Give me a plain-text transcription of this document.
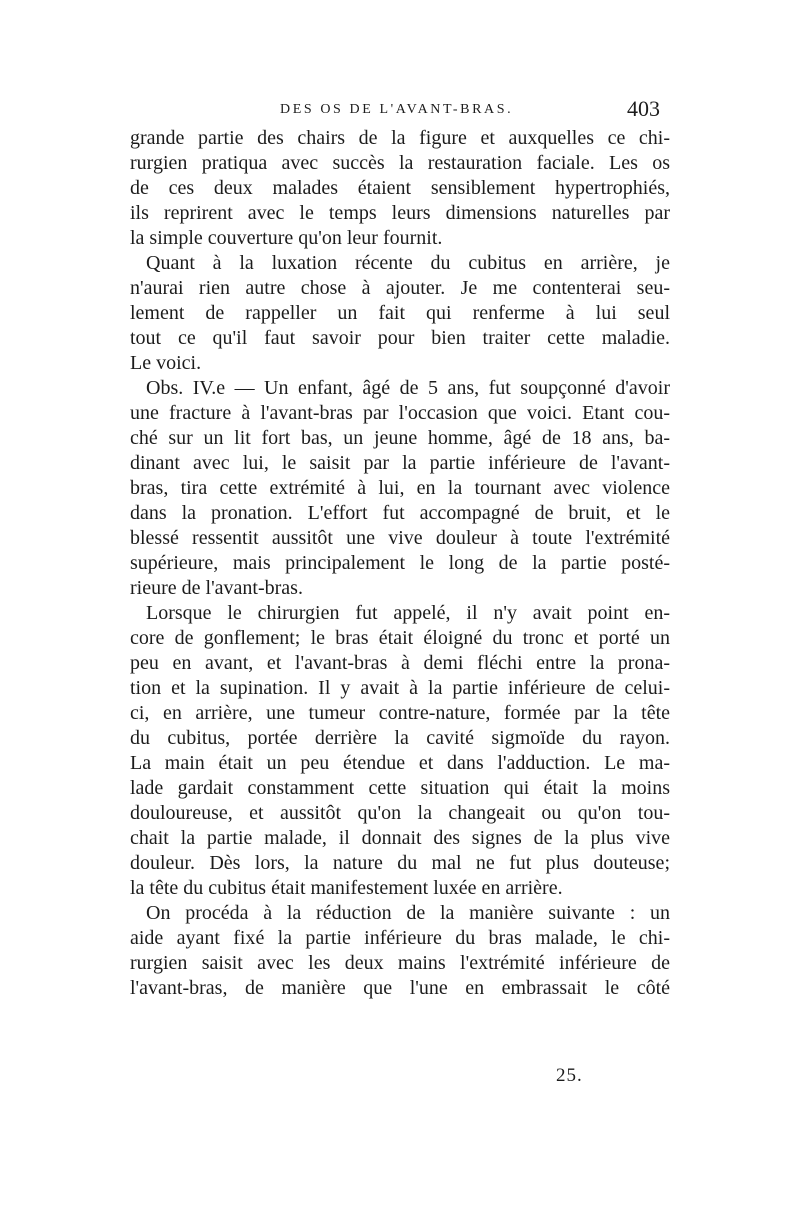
DES OS DE L'AVANT-BRAS.	403
grande partie des chairs de la figure et auxquelles ce chi-
rurgien pratiqua avec succès la restauration faciale. Les os
de ces deux malades étaient sensiblement hypertrophiés,
ils reprirent avec le temps leurs dimensions naturelles par
la simple couverture qu'on leur fournit.
Quant à la luxation récente du cubitus en arrière, je
n'aurai rien autre chose à ajouter. Je me contenterai seu-
lement de rappeller un fait qui renferme à lui seul
tout ce qu'il faut savoir pour bien traiter cette maladie.
Le voici.
Obs. IV.e — Un enfant, âgé de 5 ans, fut soupçonné d'avoir
une fracture à l'avant-bras par l'occasion que voici. Etant cou-
ché sur un lit fort bas, un jeune homme, âgé de 18 ans, ba-
dinant avec lui, le saisit par la partie inférieure de l'avant-
bras, tira cette extrémité à lui, en la tournant avec violence
dans la pronation. L'effort fut accompagné de bruit, et le
blessé ressentit aussitôt une vive douleur à toute l'extrémité
supérieure, mais principalement le long de la partie posté-
rieure de l'avant-bras.
Lorsque le chirurgien fut appelé, il n'y avait point en-
core de gonflement; le bras était éloigné du tronc et porté un
peu en avant, et l'avant-bras à demi fléchi entre la prona-
tion et la supination. Il y avait à la partie inférieure de celui-
ci, en arrière, une tumeur contre-nature, formée par la tête
du cubitus, portée derrière la cavité sigmoïde du rayon.
La main était un peu étendue et dans l'adduction. Le ma-
lade gardait constamment cette situation qui était la moins
douloureuse, et aussitôt qu'on la changeait ou qu'on tou-
chait la partie malade, il donnait des signes de la plus vive
douleur. Dès lors, la nature du mal ne fut plus douteuse;
la tête du cubitus était manifestement luxée en arrière.
On procéda à la réduction de la manière suivante : un
aide ayant fixé la partie inférieure du bras malade, le chi-
rurgien saisit avec les deux mains l'extrémité inférieure de
l'avant-bras, de manière que l'une en embrassait le côté
25.
